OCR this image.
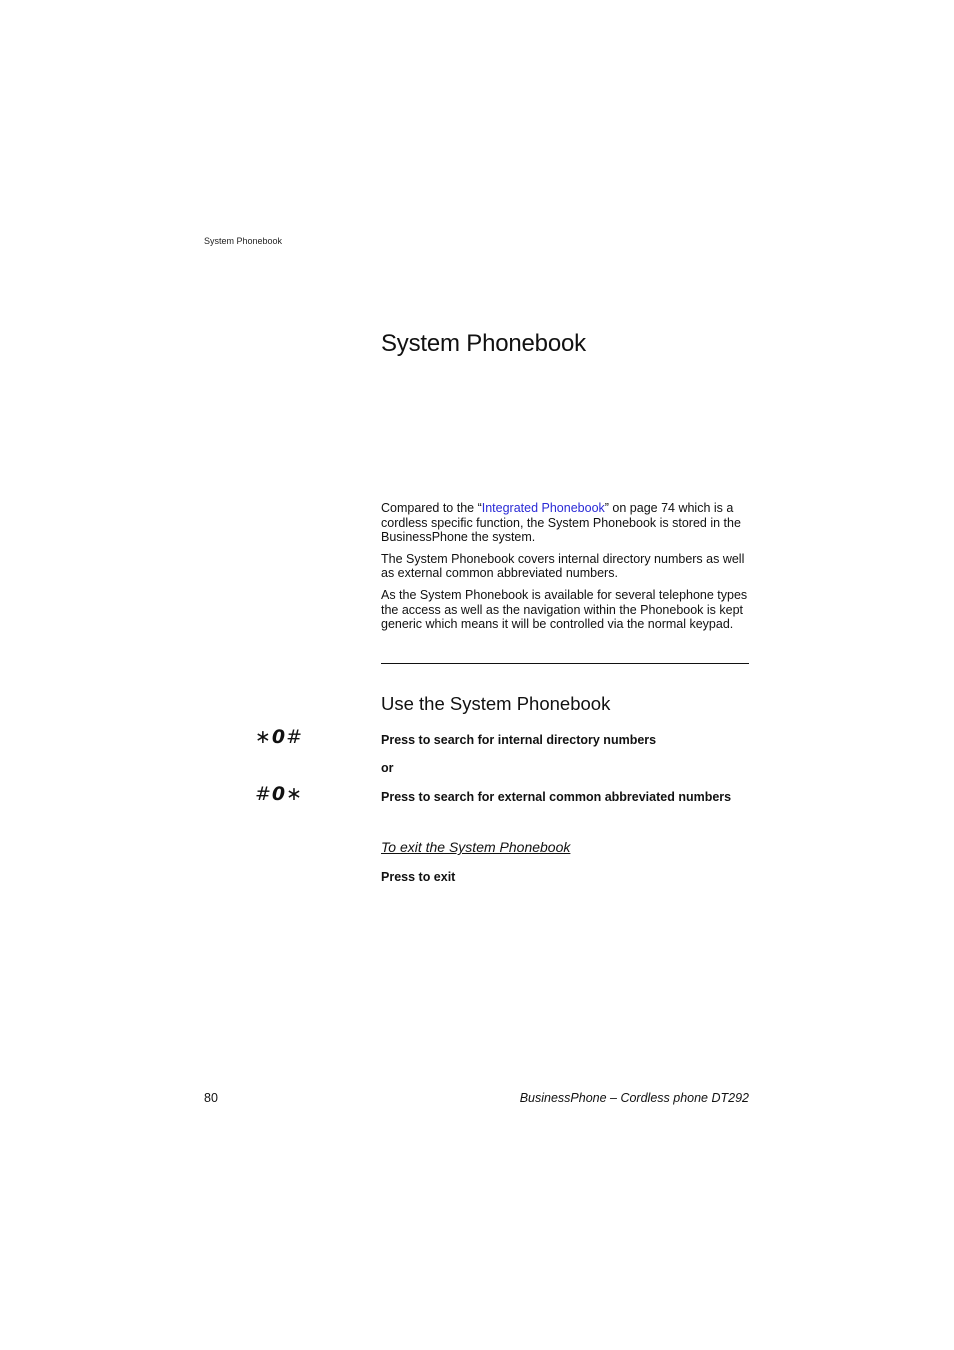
System Phonebook
System Phonebook

Compared to the “Integrated Phonebook” on page 74 which is a cordless specific function, the System Phonebook is stored in the BusinessPhone the system.

The System Phonebook covers internal directory numbers as well as external common abbreviated numbers.

As the System Phonebook is available for several telephone types the access as well as the navigation within the Phonebook is kept generic which means it will be controlled via the normal keypad.

Use the System Phonebook
∗0#	Press to search for internal directory numbers
or
#0∗	Press to search for external common abbreviated numbers
To exit the System Phonebook
Press to exit
80	BusinessPhone – Cordless phone DT292
